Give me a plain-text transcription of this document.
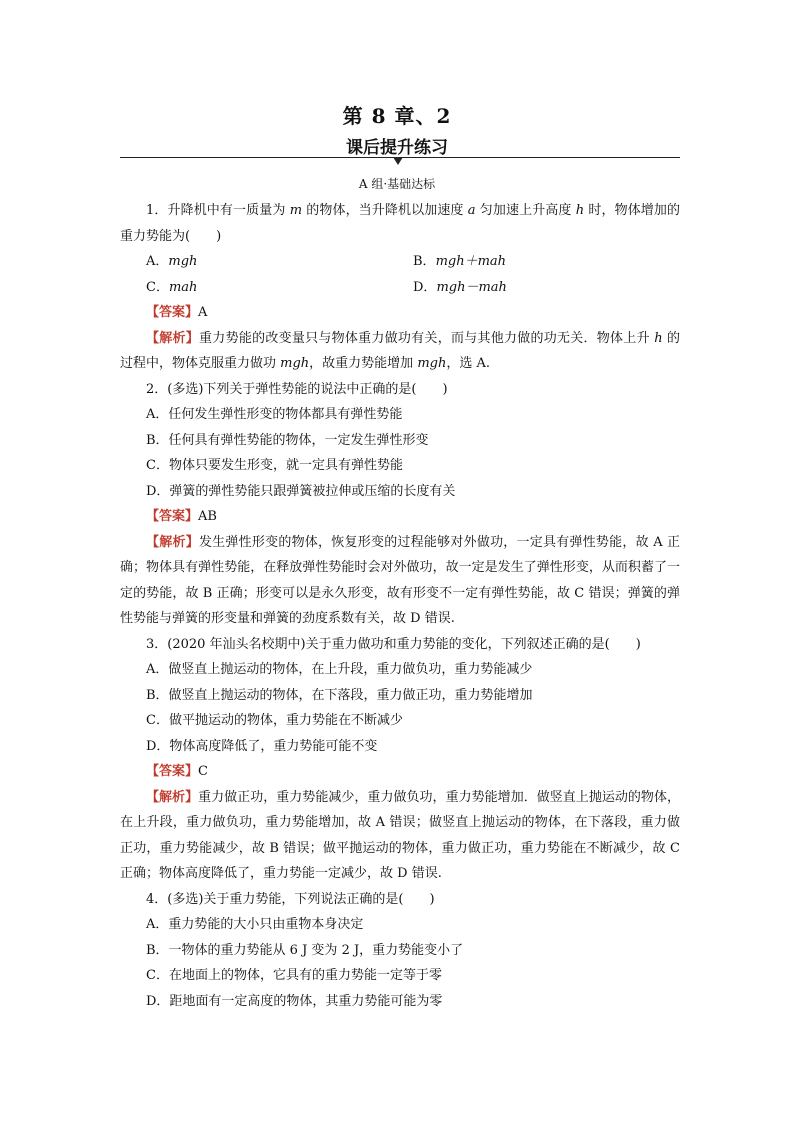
第 8 章、2
课后提升练习
A 组·基础达标

1．升降机中有一质量为 m 的物体，当升降机以加速度 a 匀加速上升高度 h 时，物体增加的重力势能为(　　)

A．mgh	B．mgh＋mah
C．mah	D．mgh－mah

【答案】A

【解析】重力势能的改变量只与物体重力做功有关，而与其他力做的功无关．物体上升 h 的过程中，物体克服重力做功 mgh，故重力势能增加 mgh，选 A.

2．(多选)下列关于弹性势能的说法中正确的是(　　)

A．任何发生弹性形变的物体都具有弹性势能

B．任何具有弹性势能的物体，一定发生弹性形变

C．物体只要发生形变，就一定具有弹性势能

D．弹簧的弹性势能只跟弹簧被拉伸或压缩的长度有关

【答案】AB

【解析】发生弹性形变的物体，恢复形变的过程能够对外做功，一定具有弹性势能，故 A 正确；物体具有弹性势能，在释放弹性势能时会对外做功，故一定是发生了弹性形变，从而积蓄了一定的势能，故 B 正确；形变可以是永久形变，故有形变不一定有弹性势能，故 C 错误；弹簧的弹性势能与弹簧的形变量和弹簧的劲度系数有关，故 D 错误.

3．(2020 年汕头名校期中)关于重力做功和重力势能的变化，下列叙述正确的是(　　)

A．做竖直上抛运动的物体，在上升段，重力做负功，重力势能减少

B．做竖直上抛运动的物体，在下落段，重力做正功，重力势能增加

C．做平抛运动的物体，重力势能在不断减少

D．物体高度降低了，重力势能可能不变

【答案】C

【解析】重力做正功，重力势能减少，重力做负功，重力势能增加．做竖直上抛运动的物体，在上升段，重力做负功，重力势能增加，故 A 错误；做竖直上抛运动的物体，在下落段，重力做正功，重力势能减少，故 B 错误；做平抛运动的物体，重力做正功，重力势能在不断减少，故 C 正确；物体高度降低了，重力势能一定减少，故 D 错误.

4．(多选)关于重力势能，下列说法正确的是(　　)

A．重力势能的大小只由重物本身决定

B．一物体的重力势能从 6 J 变为 2 J，重力势能变小了

C．在地面上的物体，它具有的重力势能一定等于零

D．距地面有一定高度的物体，其重力势能可能为零
